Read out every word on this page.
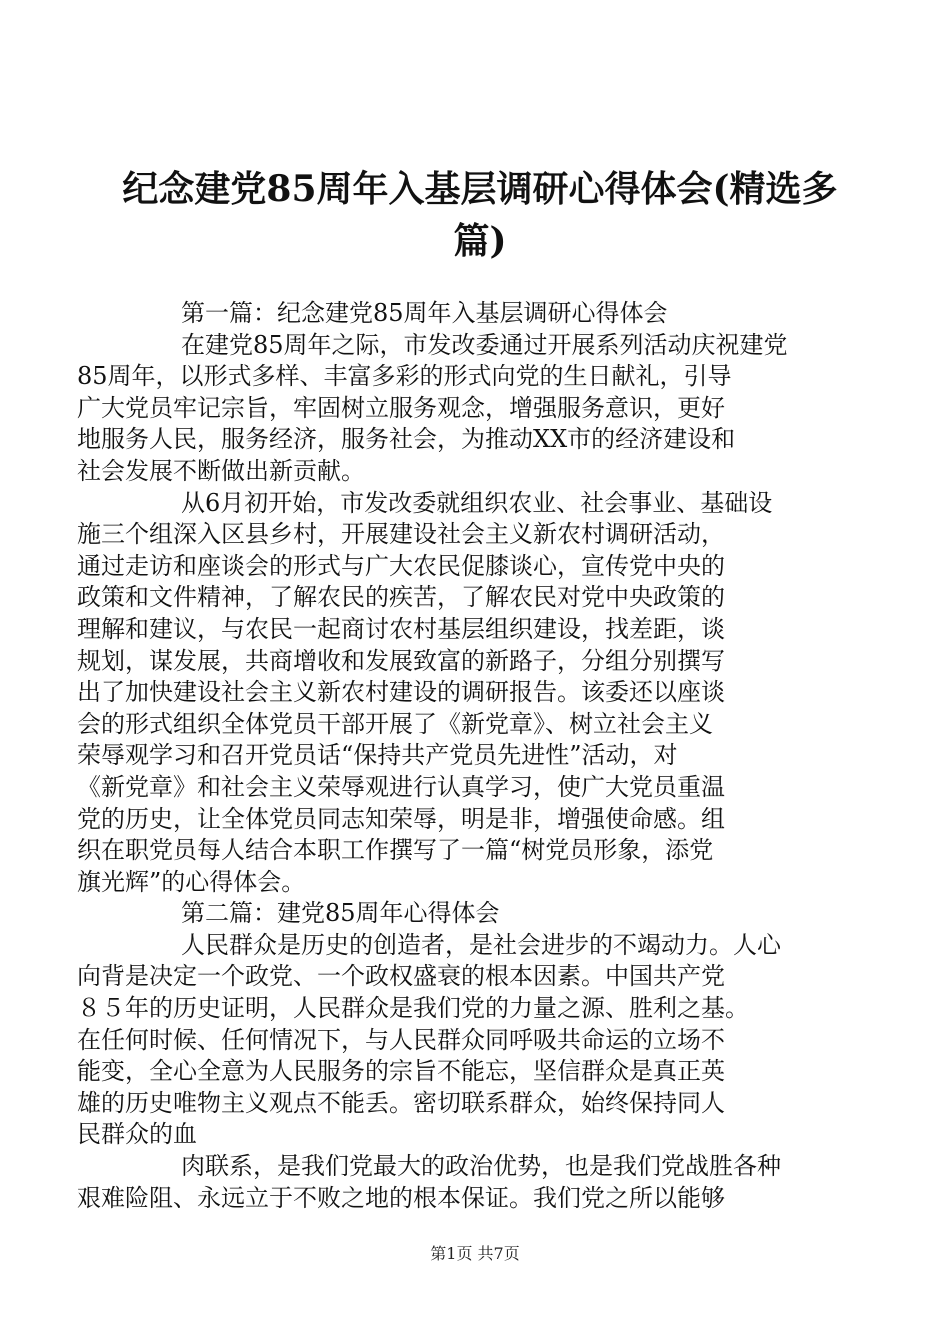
纪念建党85周年入基层调研心得体会(精选多
篇)
第一篇：纪念建党85周年入基层调研心得体会
在建党85周年之际，市发改委通过开展系列活动庆祝建党
85周年，以形式多样、丰富多彩的形式向党的生日献礼，引导
广大党员牢记宗旨，牢固树立服务观念，增强服务意识，更好
地服务人民，服务经济，服务社会，为推动XX市的经济建设和
社会发展不断做出新贡献。
从6月初开始，市发改委就组织农业、社会事业、基础设
施三个组深入区县乡村，开展建设社会主义新农村调研活动，
通过走访和座谈会的形式与广大农民促膝谈心，宣传党中央的
政策和文件精神，了解农民的疾苦，了解农民对党中央政策的
理解和建议，与农民一起商讨农村基层组织建设，找差距，谈
规划，谋发展，共商增收和发展致富的新路子，分组分别撰写
出了加快建设社会主义新农村建设的调研报告。该委还以座谈
会的形式组织全体党员干部开展了《新党章》、树立社会主义
荣辱观学习和召开党员话“保持共产党员先进性”活动，对
《新党章》和社会主义荣辱观进行认真学习，使广大党员重温
党的历史，让全体党员同志知荣辱，明是非，增强使命感。组
织在职党员每人结合本职工作撰写了一篇“树党员形象，添党
旗光辉”的心得体会。
第二篇：建党85周年心得体会
人民群众是历史的创造者，是社会进步的不竭动力。人心
向背是决定一个政党、一个政权盛衰的根本因素。中国共产党
８５年的历史证明，人民群众是我们党的力量之源、胜利之基。
在任何时候、任何情况下，与人民群众同呼吸共命运的立场不
能变，全心全意为人民服务的宗旨不能忘，坚信群众是真正英
雄的历史唯物主义观点不能丢。密切联系群众，始终保持同人
民群众的血
肉联系，是我们党最大的政治优势，也是我们党战胜各种
艰难险阻、永远立于不败之地的根本保证。我们党之所以能够
第1页 共7页
